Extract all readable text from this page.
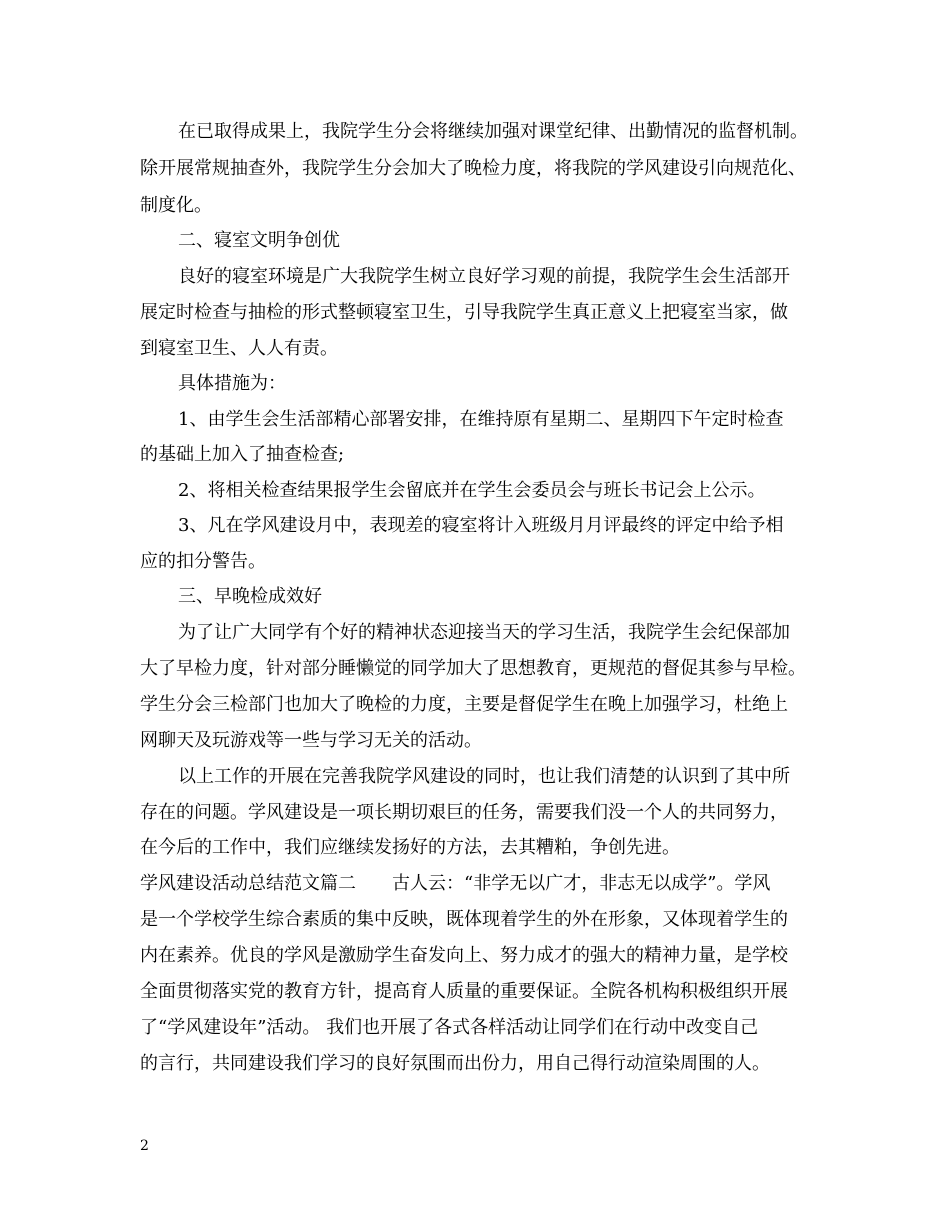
在已取得成果上，我院学生分会将继续加强对课堂纪律、出勤情况的监督机制。
除开展常规抽查外，我院学生分会加大了晚检力度，将我院的学风建设引向规范化、
制度化。
二、寝室文明争创优
良好的寝室环境是广大我院学生树立良好学习观的前提，我院学生会生活部开
展定时检查与抽检的形式整顿寝室卫生，引导我院学生真正意义上把寝室当家，做
到寝室卫生、人人有责。
具体措施为：
1、由学生会生活部精心部署安排，在维持原有星期二、星期四下午定时检查
的基础上加入了抽查检查;
2、将相关检查结果报学生会留底并在学生会委员会与班长书记会上公示。
3、凡在学风建设月中，表现差的寝室将计入班级月月评最终的评定中给予相
应的扣分警告。
三、早晚检成效好
为了让广大同学有个好的精神状态迎接当天的学习生活，我院学生会纪保部加
大了早检力度，针对部分睡懒觉的同学加大了思想教育，更规范的督促其参与早检。
学生分会三检部门也加大了晚检的力度，主要是督促学生在晚上加强学习，杜绝上
网聊天及玩游戏等一些与学习无关的活动。
以上工作的开展在完善我院学风建设的同时，也让我们清楚的认识到了其中所
存在的问题。学风建设是一项长期切艰巨的任务，需要我们没一个人的共同努力，
在今后的工作中，我们应继续发扬好的方法，去其糟粕，争创先进。
学风建设活动总结范文篇二　　古人云：“非学无以广才，非志无以成学”。学风
是一个学校学生综合素质的集中反映，既体现着学生的外在形象，又体现着学生的
内在素养。优良的学风是激励学生奋发向上、努力成才的强大的精神力量，是学校
全面贯彻落实党的教育方针，提高育人质量的重要保证。全院各机构积极组织开展
了“学风建设年”活动。 我们也开展了各式各样活动让同学们在行动中改变自己
的言行，共同建设我们学习的良好氛围而出份力，用自己得行动渲染周围的人。
2
